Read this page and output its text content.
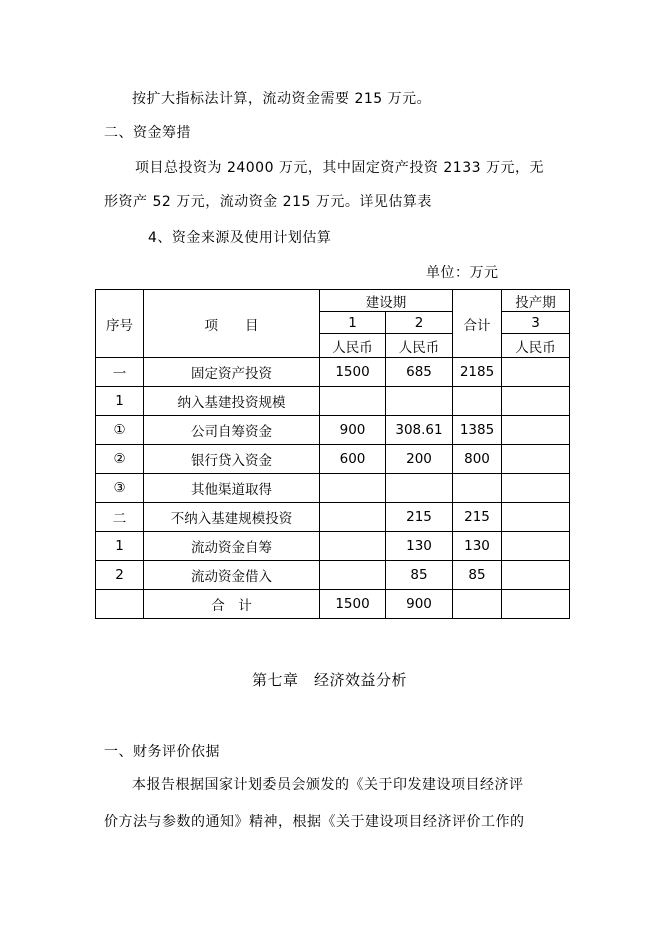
按扩大指标法计算，流动资金需要 215 万元。
二、资金筹措
项目总投资为 24000 万元，其中固定资产投资 2133 万元，无
形资产 52 万元，流动资金 215 万元。详见估算表
4、资金来源及使用计划估算
单位：万元
序号	项　　目	建设期		合计	投产期
		1	2		3
		人民币	人民币		人民币
一	固定资产投资	1500	685	2185	
1	纳入基建投资规模				
①	公司自筹资金	900	308.61	1385	
②	银行贷入资金	600	200	800	
③	其他渠道取得				
二	不纳入基建规模投资		215	215	
1	流动资金自筹		130	130	
2	流动资金借入		85	85	
	合　计	1500	900		
第七章　经济效益分析
一、财务评价依据
本报告根据国家计划委员会颁发的《关于印发建设项目经济评
价方法与参数的通知》精神，根据《关于建设项目经济评价工作的
